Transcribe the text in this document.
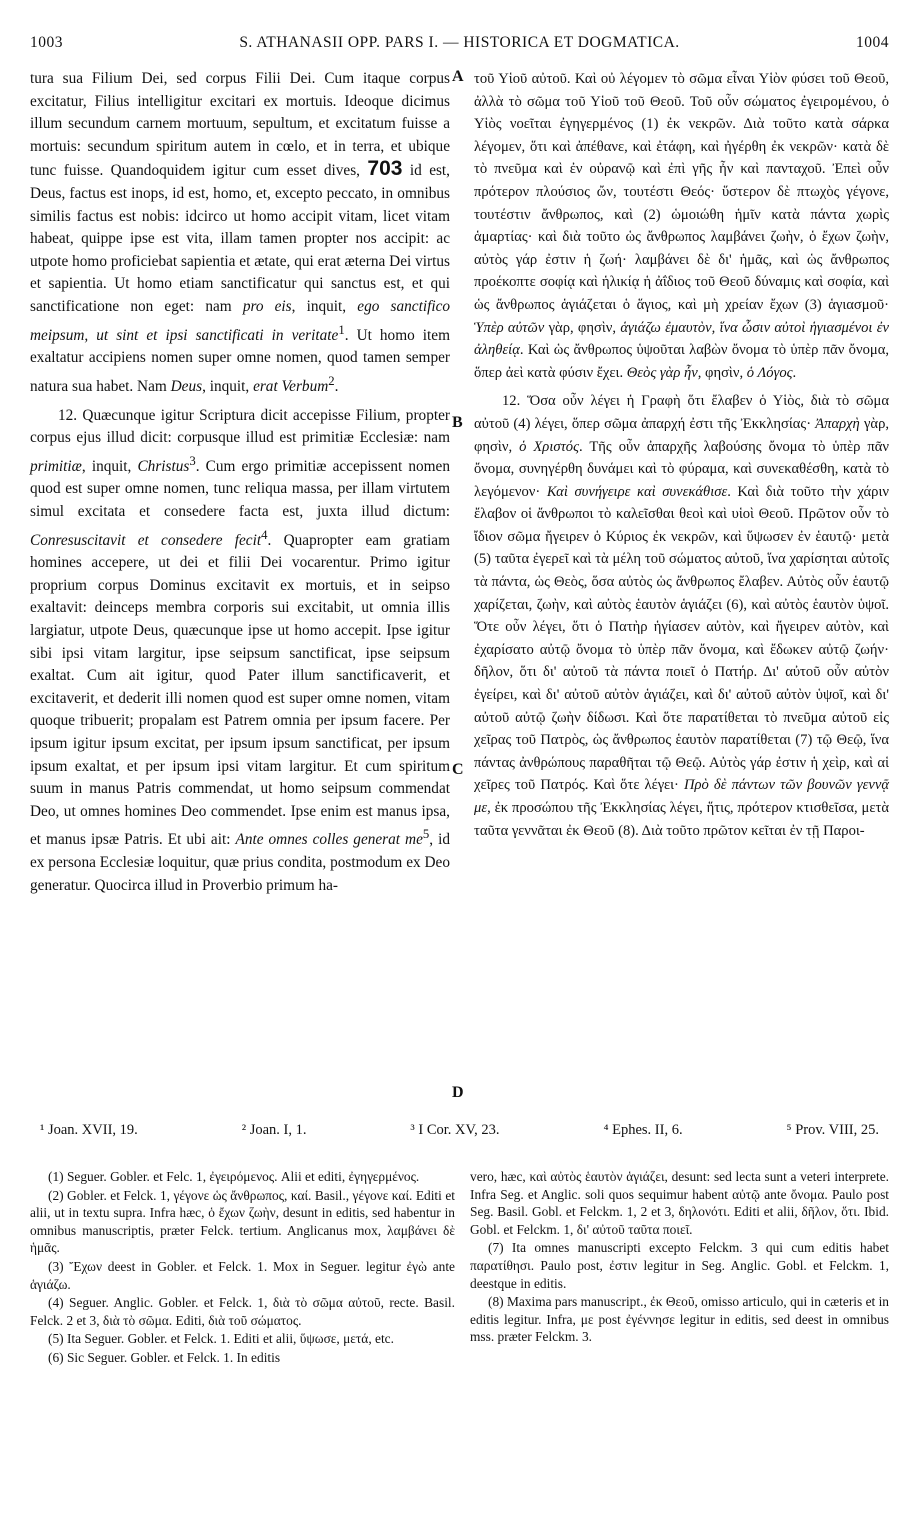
1003	S. ATHANASII OPP. PARS I. — HISTORICA ET DOGMATICA.	1004

tura sua Filium Dei, sed corpus Filii Dei. Cum itaque corpus excitatur, Filius intelligitur excitari ex mortuis. Ideoque dicimus illum secundum carnem mortuum, sepultum, et excitatum fuisse a mortuis: secundum spiritum autem in cœlo, et in terra, et ubique tunc fuisse. Quandoquidem igitur cum esset dives, 703 id est, Deus, factus est inops, id est, homo, et, excepto peccato, in omnibus similis factus est nobis: idcirco ut homo accipit vitam, licet vitam habeat, quippe ipse est vita, illam tamen propter nos accipit: ac utpote homo proficiebat sapientia et ætate, qui erat æterna Dei virtus et sapientia. Ut homo etiam sanctificatur qui sanctus est, et qui sanctificatione non eget: nam pro eis, inquit, ego sanctifico meipsum, ut sint et ipsi sanctificati in veritate$^1$. Ut homo item exaltatur accipiens nomen super omne nomen, quod tamen semper natura sua habet. Nam Deus, inquit, erat Verbum$^2$.

12. Quæcunque igitur Scriptura dicit accepisse Filium, propter corpus ejus illud dicit: corpusque illud est primitiæ Ecclesiæ: nam primitiæ, inquit, Christus$^3$. Cum ergo primitiæ accepissent nomen quod est super omne nomen, tunc reliqua massa, per illam virtutem simul excitata et consedere facta est, juxta illud dictum: Conresuscitavit et consedere fecit$^4$. Quapropter eam gratiam homines accepere, ut dei et filii Dei vocarentur. Primo igitur proprium corpus Dominus excitavit ex mortuis, et in seipso exaltavit: deinceps membra corporis sui excitabit, ut omnia illis largiatur, utpote Deus, quæcunque ipse ut homo accepit. Ipse igitur sibi ipsi vitam largitur, ipse seipsum sanctificat, ipse seipsum exaltat. Cum ait igitur, quod Pater illum sanctificaverit, et excitaverit, et dederit illi nomen quod est super omne nomen, vitam quoque tribuerit; propalam est Patrem omnia per ipsum facere. Per ipsum igitur ipsum excitat, per ipsum ipsum sanctificat, per ipsum ipsum exaltat, et per ipsum ipsi vitam largitur. Et cum spiritum suum in manus Patris commendat, ut homo seipsum commendat Deo, ut omnes homines Deo commendet. Ipse enim est manus ipsa, et manus ipsæ Patris. Et ubi ait: Ante omnes colles generat $me^5$, id ex persona Ecclesiæ loquitur, quæ prius condita, postmodum ex Deo generatur. Quocirca illud in Proverbio primum ha-

A
B
C
D

τοῦ Υἱοῦ αὐτοῦ. Καὶ οὐ λέγομεν τὸ σῶμα εἶναι Υἱὸν φύσει τοῦ Θεοῦ, ἀλλὰ τὸ σῶμα τοῦ Υἱοῦ τοῦ Θεοῦ. Τοῦ οὖν σώματος ἐγειρομένου, ὁ Υἱὸς νοεῖται ἐγηγερμένος (1) ἐκ νεκρῶν. Διὰ τοῦτο κατὰ σάρκα λέγομεν, ὅτι καὶ ἀπέθανε, καὶ ἐτάφη, καὶ ἠγέρθη ἐκ νεκρῶν· κατὰ δὲ τὸ πνεῦμα καὶ ἐν οὐρανῷ καὶ ἐπὶ γῆς ἦν καὶ πανταχοῦ. Ἐπεὶ οὖν πρότερον πλούσιος ὤν, τουτέστι Θεός· ὕστερον δὲ πτωχὸς γέγονε, τουτέστιν ἄνθρωπος, καὶ (2) ὡμοιώθη ἡμῖν κατὰ πάντα χωρὶς ἁμαρτίας· καὶ διὰ τοῦτο ὡς ἄνθρωπος λαμβάνει ζωὴν, ὁ ἔχων ζωὴν, αὐτὸς γάρ ἐστιν ἡ ζωή· λαμβάνει δὲ δι' ἡμᾶς, καὶ ὡς ἄνθρωπος προέκοπτε σοφίᾳ καὶ ἡλικίᾳ ἡ ἀΐδιος τοῦ Θεοῦ δύναμις καὶ σοφία, καὶ ὡς ἄνθρωπος ἁγιάζεται ὁ ἅγιος, καὶ μὴ χρείαν ἔχων (3) ἁγιασμοῦ· Ὑπὲρ αὐτῶν γὰρ, φησὶν, ἁγιάζω ἐμαυτὸν, ἵνα ὦσιν αὐτοὶ ἡγιασμένοι ἐν ἀληθείᾳ. Καὶ ὡς ἄνθρωπος ὑψοῦται λαβὼν ὄνομα τὸ ὑπὲρ πᾶν ὄνομα, ὅπερ ἀεὶ κατὰ φύσιν ἔχει. Θεὸς γὰρ ἦν, φησὶν, ὁ Λόγος.

12. Ὅσα οὖν λέγει ἡ Γραφὴ ὅτι ἔλαβεν ὁ Υἱὸς, διὰ τὸ σῶμα αὐτοῦ (4) λέγει, ὅπερ σῶμα ἀπαρχή ἐστι τῆς Ἐκκλησίας· Ἀπαρχὴ γὰρ, φησὶν, ὁ Χριστός. Τῆς οὖν ἀπαρχῆς λαβούσης ὄνομα τὸ ὑπὲρ πᾶν ὄνομα, συνηγέρθη δυνάμει καὶ τὸ φύραμα, καὶ συνεκαθέσθη, κατὰ τὸ λεγόμενον· Καὶ συνήγειρε καὶ συνεκάθισε. Καὶ διὰ τοῦτο τὴν χάριν ἔλαβον οἱ ἄνθρωποι τὸ καλεῖσθαι θεοὶ καὶ υἱοὶ Θεοῦ. Πρῶτον οὖν τὸ ἴδιον σῶμα ἤγειρεν ὁ Κύριος ἐκ νεκρῶν, καὶ ὕψωσεν ἐν ἑαυτῷ· μετὰ (5) ταῦτα ἐγερεῖ καὶ τὰ μέλη τοῦ σώματος αὐτοῦ, ἵνα χαρίσηται αὐτοῖς τὰ πάντα, ὡς Θεὸς, ὅσα αὐτὸς ὡς ἄνθρωπος ἔλαβεν. Αὐτὸς οὖν ἑαυτῷ χαρίζεται, ζωὴν, καὶ αὐτὸς ἑαυτὸν ἁγιάζει (6), καὶ αὐτὸς ἑαυτὸν ὑψοῖ. Ὅτε οὖν λέγει, ὅτι ὁ Πατὴρ ἡγίασεν αὐτὸν, καὶ ἤγειρεν αὐτὸν, καὶ ἐχαρίσατο αὐτῷ ὄνομα τὸ ὑπὲρ πᾶν ὄνομα, καὶ ἔδωκεν αὐτῷ ζωήν· δῆλον, ὅτι δι' αὐτοῦ τὰ πάντα ποιεῖ ὁ Πατήρ. Δι' αὐτοῦ οὖν αὐτὸν ἐγείρει, καὶ δι' αὐτοῦ αὐτὸν ἁγιάζει, καὶ δι' αὐτοῦ αὐτὸν ὑψοῖ, καὶ δι' αὐτοῦ αὐτῷ ζωὴν δίδωσι. Καὶ ὅτε παρατίθεται τὸ πνεῦμα αὐτοῦ εἰς χεῖρας τοῦ Πατρὸς, ὡς ἄνθρωπος ἑαυτὸν παρατίθεται (7) τῷ Θεῷ, ἵνα πάντας ἀνθρώπους παραθῆται τῷ Θεῷ. Αὐτὸς γάρ ἐστιν ἡ χεὶρ, καὶ αἱ χεῖρες τοῦ Πατρός. Καὶ ὅτε λέγει· Πρὸ δὲ πάντων τῶν βουνῶν γεννᾷ με, ἐκ προσώπου τῆς Ἐκκλησίας λέγει, ἥτις, πρότερον κτισθεῖσα, μετὰ ταῦτα γεννᾶται ἐκ Θεοῦ (8). Διὰ τοῦτο πρῶτον κεῖται ἐν τῇ Παροι-

¹ Joan. XVII, 19.	² Joan. I, 1.	³ I Cor. XV, 23.	⁴ Ephes. II, 6.	⁵ Prov. VIII, 25.

(1) Seguer. Gobler. et Felc. 1, ἐγειρόμενος. Alii et editi, ἐγηγερμένος.

(2) Gobler. et Felck. 1, γέγονε ὡς ἄνθρωπος, καί. Basil., γέγονε καί. Editi et alii, ut in textu supra. Infra hæc, ὁ ἔχων ζωὴν, desunt in editis, sed habentur in omnibus manuscriptis, præter Felck. tertium. Anglicanus mox, λαμβάνει δὲ ἡμᾶς.

(3) Ἔχων deest in Gobler. et Felck. 1. Mox in Seguer. legitur ἐγὼ ante ἁγιάζω.

(4) Seguer. Anglic. Gobler. et Felck. 1, διὰ τὸ σῶμα αὐτοῦ, recte. Basil. Felck. 2 et 3, διὰ τὸ σῶμα. Editi, διὰ τοῦ σώματος.

(5) Ita Seguer. Gobler. et Felck. 1. Editi et alii, ὕψωσε, μετά, etc.

(6) Sic Seguer. Gobler. et Felck. 1. In editis

vero, hæc, καὶ αὐτὸς ἑαυτὸν ἁγιάζει, desunt: sed lecta sunt a veteri interprete. Infra Seg. et Anglic. soli quos sequimur habent αὐτῷ ante ὄνομα. Paulo post Seg. Basil. Gobl. et Felckm. 1, 2 et 3, δηλονότι. Editi et alii, δῆλον, ὅτι. Ibid. Gobl. et Felckm. 1, δι' αὐτοῦ ταῦτα ποιεῖ.

(7) Ita omnes manuscripti excepto Felckm. 3 qui cum editis habet παρατίθησι. Paulo post, ἐστιν legitur in Seg. Anglic. Gobl. et Felckm. 1, deestque in editis.

(8) Maxima pars manuscript., ἐκ Θεοῦ, omisso articulo, qui in cæteris et in editis legitur. Infra, με post ἐγέννησε legitur in editis, sed deest in omnibus mss. præter Felckm. 3.
